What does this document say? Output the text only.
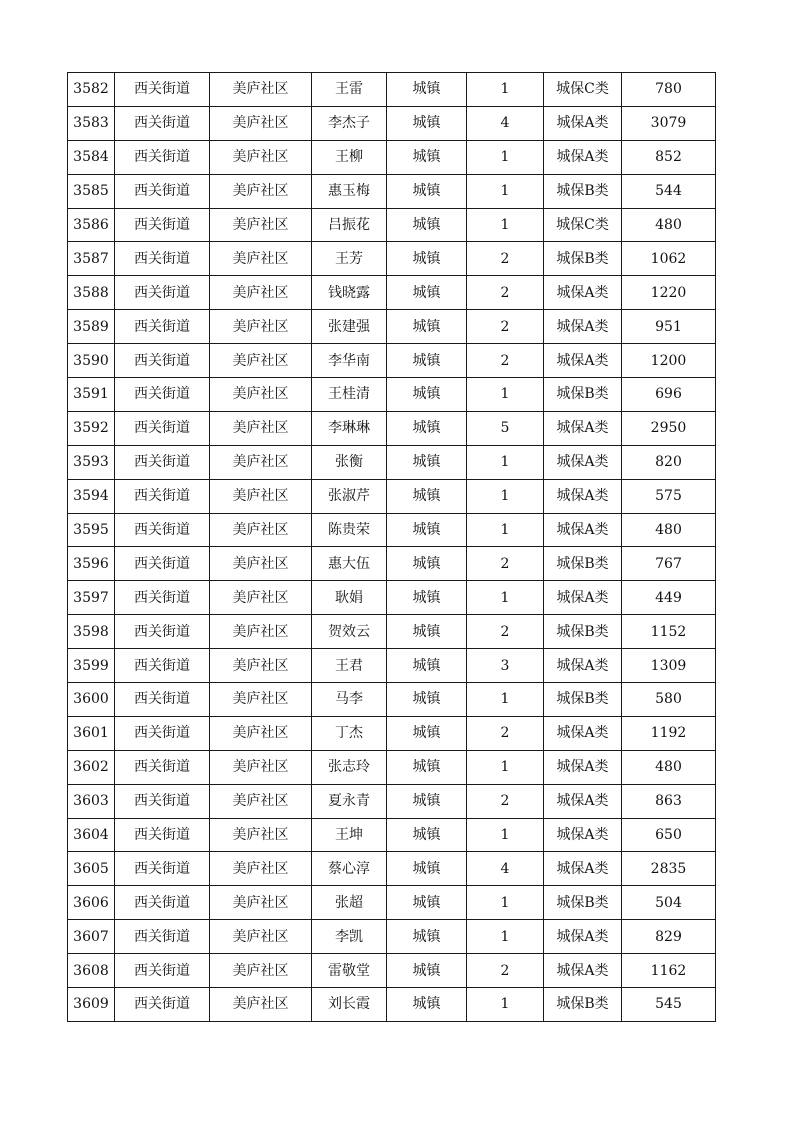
3582	西关街道	美庐社区	王雷	城镇	1	城保C类	780
3583	西关街道	美庐社区	李杰子	城镇	4	城保A类	3079
3584	西关街道	美庐社区	王柳	城镇	1	城保A类	852
3585	西关街道	美庐社区	惠玉梅	城镇	1	城保B类	544
3586	西关街道	美庐社区	吕振花	城镇	1	城保C类	480
3587	西关街道	美庐社区	王芳	城镇	2	城保B类	1062
3588	西关街道	美庐社区	钱晓露	城镇	2	城保A类	1220
3589	西关街道	美庐社区	张建强	城镇	2	城保A类	951
3590	西关街道	美庐社区	李华南	城镇	2	城保A类	1200
3591	西关街道	美庐社区	王桂清	城镇	1	城保B类	696
3592	西关街道	美庐社区	李琳琳	城镇	5	城保A类	2950
3593	西关街道	美庐社区	张衡	城镇	1	城保A类	820
3594	西关街道	美庐社区	张淑芹	城镇	1	城保A类	575
3595	西关街道	美庐社区	陈贵荣	城镇	1	城保A类	480
3596	西关街道	美庐社区	惠大伍	城镇	2	城保B类	767
3597	西关街道	美庐社区	耿娟	城镇	1	城保A类	449
3598	西关街道	美庐社区	贺效云	城镇	2	城保B类	1152
3599	西关街道	美庐社区	王君	城镇	3	城保A类	1309
3600	西关街道	美庐社区	马李	城镇	1	城保B类	580
3601	西关街道	美庐社区	丁杰	城镇	2	城保A类	1192
3602	西关街道	美庐社区	张志玲	城镇	1	城保A类	480
3603	西关街道	美庐社区	夏永青	城镇	2	城保A类	863
3604	西关街道	美庐社区	王坤	城镇	1	城保A类	650
3605	西关街道	美庐社区	蔡心淳	城镇	4	城保A类	2835
3606	西关街道	美庐社区	张超	城镇	1	城保B类	504
3607	西关街道	美庐社区	李凯	城镇	1	城保A类	829
3608	西关街道	美庐社区	雷敬堂	城镇	2	城保A类	1162
3609	西关街道	美庐社区	刘长霞	城镇	1	城保B类	545
